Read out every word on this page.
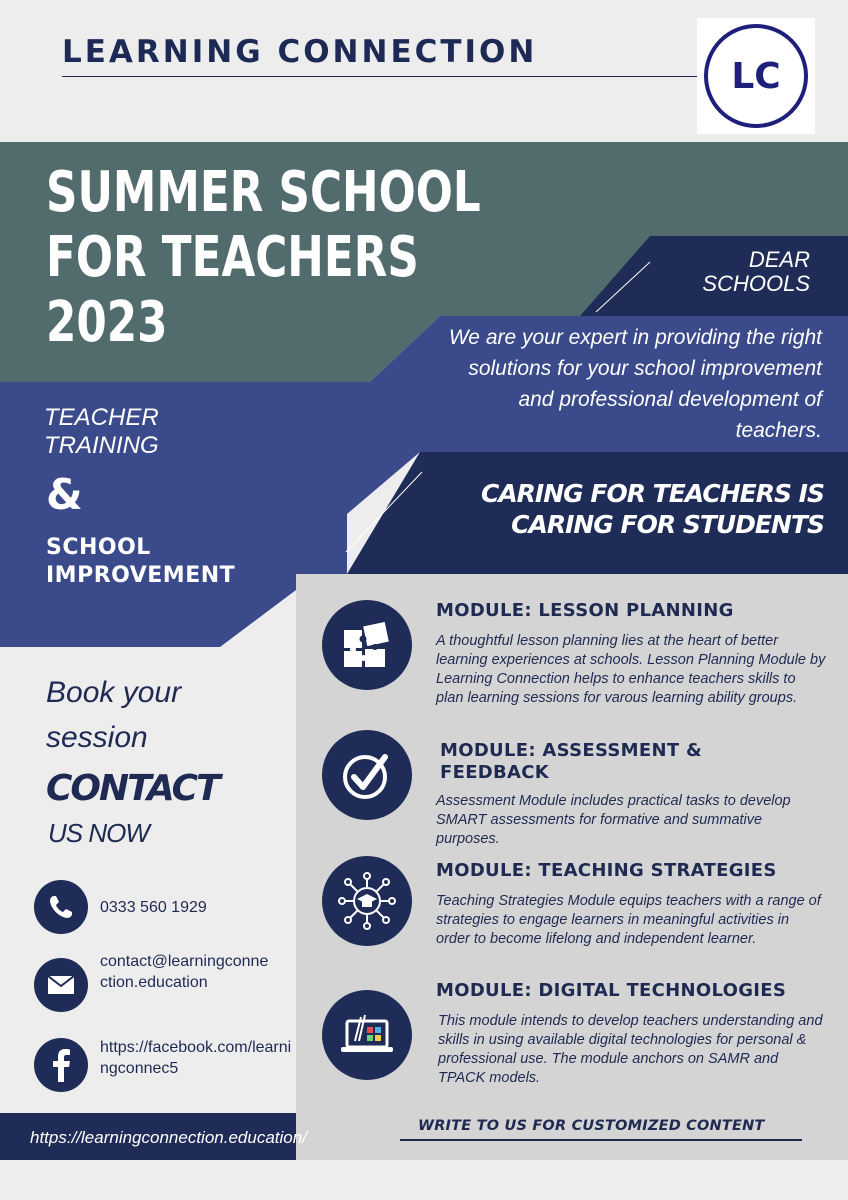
LEARNING CONNECTION
LC
SUMMER SCHOOL
FOR TEACHERS
2023
DEAR
SCHOOLS
We are your expert in providing the right solutions for your school improvement and professional development of teachers.
TEACHER
TRAINING
&
SCHOOL
IMPROVEMENT
CARING FOR TEACHERS IS
CARING FOR STUDENTS
MODULE: LESSON PLANNING
A thoughtful lesson planning lies at the heart of better learning experiences at schools. Lesson Planning Module by Learning Connection helps to enhance teachers skills to plan learning sessions for varous learning ability groups.
MODULE: ASSESSMENT & FEEDBACK
Assessment Module includes practical tasks to develop SMART assessments for formative and summative purposes.
MODULE: TEACHING STRATEGIES
Teaching Strategies Module equips teachers with a range of strategies to engage learners in meaningful activities in order to become lifelong and independent learner.
MODULE: DIGITAL TECHNOLOGIES
This module intends to develop teachers understanding and skills in using available digital technologies for personal & professional use. The module anchors on SAMR and TPACK models.
Book your
session
CONTACT
US NOW
0333 560 1929
contact@learningconnection.education
https://facebook.com/learningconnec5
https://learningconnection.education/
WRITE TO US FOR CUSTOMIZED CONTENT
